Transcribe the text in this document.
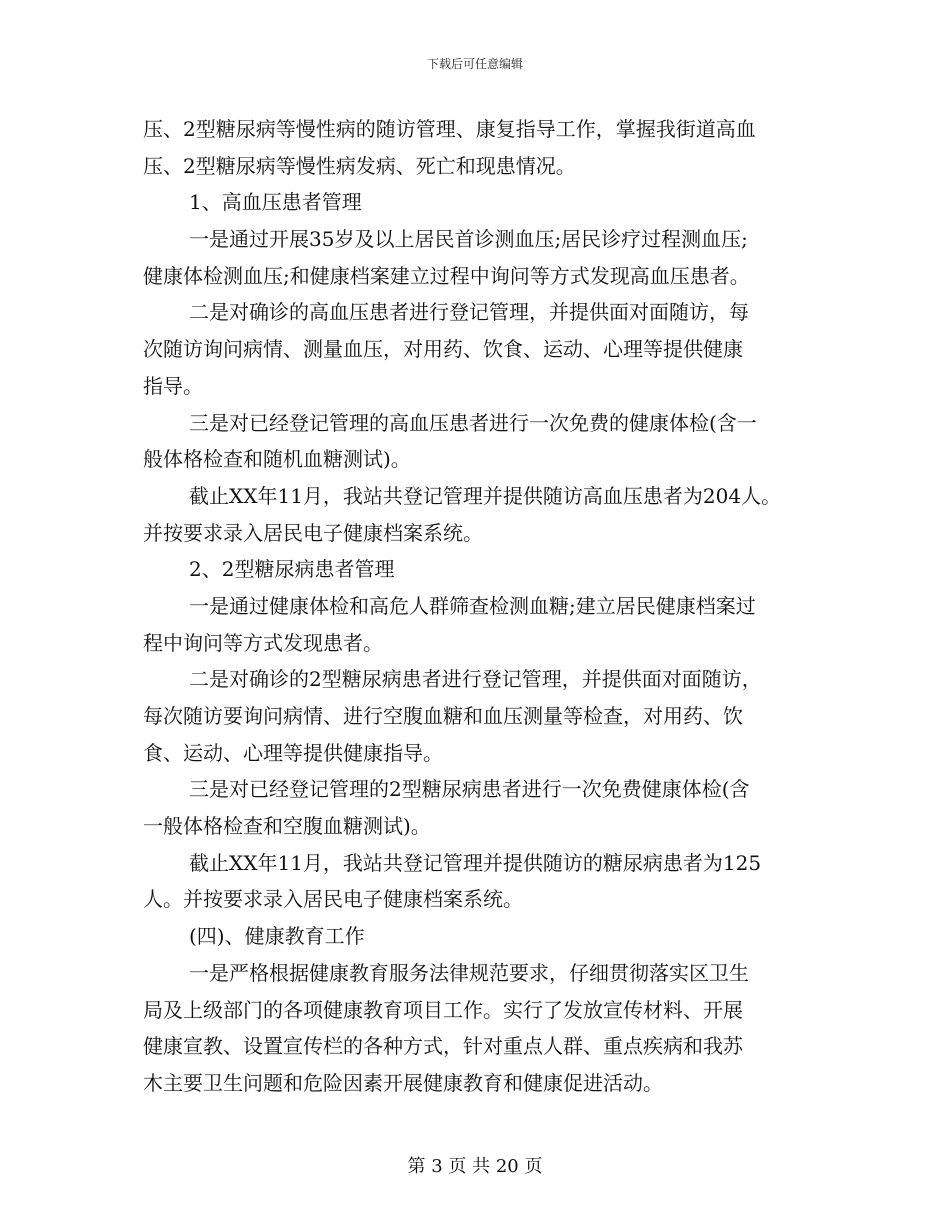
下载后可任意编辑
压、2型糖尿病等慢性病的随访管理、康复指导工作，掌握我街道高血
压、2型糖尿病等慢性病发病、死亡和现患情况。
1、高血压患者管理
一是通过开展35岁及以上居民首诊测血压;居民诊疗过程测血压;
健康体检测血压;和健康档案建立过程中询问等方式发现高血压患者。
二是对确诊的高血压患者进行登记管理，并提供面对面随访，每
次随访询问病情、测量血压，对用药、饮食、运动、心理等提供健康
指导。
三是对已经登记管理的高血压患者进行一次免费的健康体检(含一
般体格检查和随机血糖测试)。
截止XX年11月，我站共登记管理并提供随访高血压患者为204人。
并按要求录入居民电子健康档案系统。
2、2型糖尿病患者管理
一是通过健康体检和高危人群筛查检测血糖;建立居民健康档案过
程中询问等方式发现患者。
二是对确诊的2型糖尿病患者进行登记管理，并提供面对面随访，
每次随访要询问病情、进行空腹血糖和血压测量等检查，对用药、饮
食、运动、心理等提供健康指导。
三是对已经登记管理的2型糖尿病患者进行一次免费健康体检(含
一般体格检查和空腹血糖测试)。
截止XX年11月，我站共登记管理并提供随访的糖尿病患者为125
人。并按要求录入居民电子健康档案系统。
(四)、健康教育工作
一是严格根据健康教育服务法律规范要求，仔细贯彻落实区卫生
局及上级部门的各项健康教育项目工作。实行了发放宣传材料、开展
健康宣教、设置宣传栏的各种方式，针对重点人群、重点疾病和我苏
木主要卫生问题和危险因素开展健康教育和健康促进活动。
第 3 页 共 20 页
